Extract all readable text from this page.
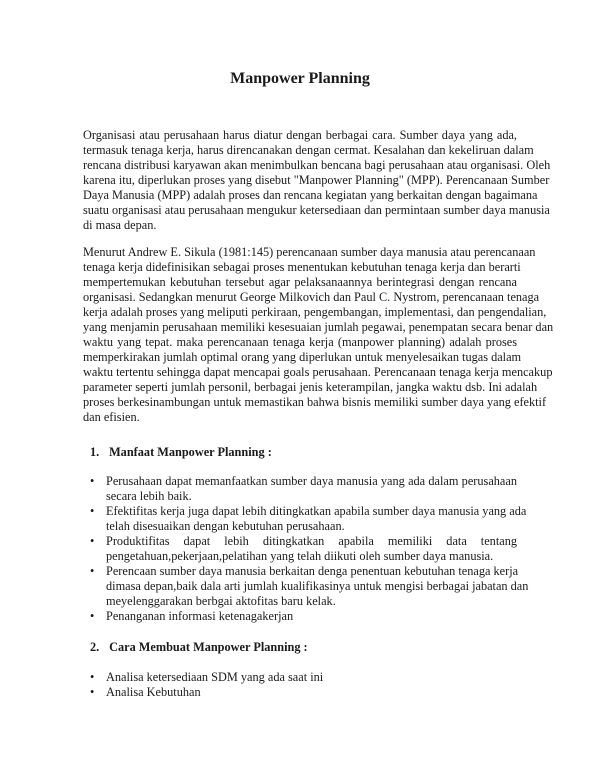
Manpower Planning
Organisasi atau perusahaan harus diatur dengan berbagai cara. Sumber daya yang ada,
termasuk tenaga kerja, harus direncanakan dengan cermat. Kesalahan dan kekeliruan dalam
rencana distribusi karyawan akan menimbulkan bencana bagi perusahaan atau organisasi. Oleh
karena itu, diperlukan proses yang disebut "Manpower Planning" (MPP). Perencanaan Sumber
Daya Manusia (MPP) adalah proses dan rencana kegiatan yang berkaitan dengan bagaimana
suatu organisasi atau perusahaan mengukur ketersediaan dan permintaan sumber daya manusia
di masa depan.
Menurut Andrew E. Sikula (1981:145) perencanaan sumber daya manusia atau perencanaan
tenaga kerja didefinisikan sebagai proses menentukan kebutuhan tenaga kerja dan berarti
mempertemukan kebutuhan tersebut agar pelaksanaannya berintegrasi dengan rencana
organisasi. Sedangkan menurut George Milkovich dan Paul C. Nystrom, perencanaan tenaga
kerja adalah proses yang meliputi perkiraan, pengembangan, implementasi, dan pengendalian,
yang menjamin perusahaan memiliki kesesuaian jumlah pegawai, penempatan secara benar dan
waktu yang tepat. maka perencanaan tenaga kerja (manpower planning) adalah proses
memperkirakan jumlah optimal orang yang diperlukan untuk menyelesaikan tugas dalam
waktu tertentu sehingga dapat mencapai goals perusahaan. Perencanaan tenaga kerja mencakup
parameter seperti jumlah personil, berbagai jenis keterampilan, jangka waktu dsb. Ini adalah
proses berkesinambungan untuk memastikan bahwa bisnis memiliki sumber daya yang efektif
dan efisien.
1. Manfaat Manpower Planning :
• Perusahaan dapat memanfaatkan sumber daya manusia yang ada dalam perusahaan
secara lebih baik.
• Efektifitas kerja juga dapat lebih ditingkatkan apabila sumber daya manusia yang ada
telah disesuaikan dengan kebutuhan perusahaan.
• Produktifitas dapat lebih ditingkatkan apabila memiliki data tentang
pengetahuan,pekerjaan,pelatihan yang telah diikuti oleh sumber daya manusia.
• Perencaan sumber daya manusia berkaitan denga penentuan kebutuhan tenaga kerja
dimasa depan,baik dala arti jumlah kualifikasinya untuk mengisi berbagai jabatan dan
meyelenggarakan berbgai aktofitas baru kelak.
• Penanganan informasi ketenagakerjan
2. Cara Membuat Manpower Planning :
• Analisa ketersediaan SDM yang ada saat ini
• Analisa Kebutuhan
